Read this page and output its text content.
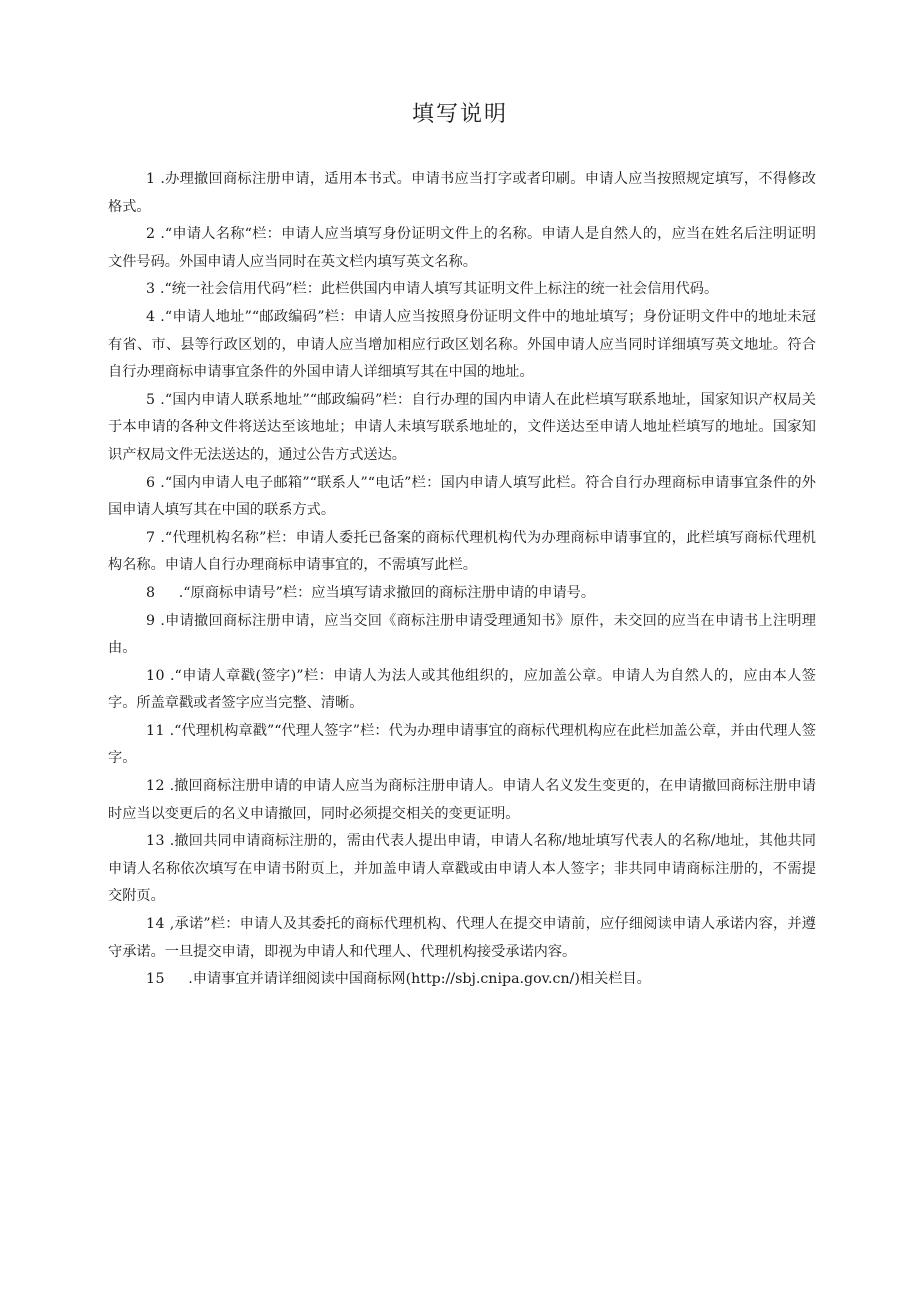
填写说明

1 .办理撤回商标注册申请，适用本书式。申请书应当打字或者印刷。申请人应当按照规定填写，不得修改格式。

2 .“申请人名称“栏：申请人应当填写身份证明文件上的名称。申请人是自然人的，应当在姓名后注明证明文件号码。外国申请人应当同时在英文栏内填写英文名称。

3 .“统一社会信用代码”栏：此栏供国内申请人填写其证明文件上标注的统一社会信用代码。

4 .“申请人地址”“邮政编码”栏：申请人应当按照身份证明文件中的地址填写；身份证明文件中的地址未冠有省、市、县等行政区划的，申请人应当增加相应行政区划名称。外国申请人应当同时详细填写英文地址。符合自行办理商标申请事宜条件的外国申请人详细填写其在中国的地址。

5 .“国内申请人联系地址”“邮政编码”栏：自行办理的国内申请人在此栏填写联系地址，国家知识产权局关于本申请的各种文件将送达至该地址；申请人未填写联系地址的，文件送达至申请人地址栏填写的地址。国家知识产权局文件无法送达的，通过公告方式送达。

6 .“国内申请人电子邮箱”“联系人”“电话”栏：国内申请人填写此栏。符合自行办理商标申请事宜条件的外国申请人填写其在中国的联系方式。

7 .“代理机构名称”栏：申请人委托已备案的商标代理机构代为办理商标申请事宜的，此栏填写商标代理机构名称。申请人自行办理商标申请事宜的，不需填写此栏。

8 　 .“原商标申请号”栏：应当填写请求撤回的商标注册申请的申请号。

9 .申请撤回商标注册申请，应当交回《商标注册申请受理通知书》原件，未交回的应当在申请书上注明理由。

10 .“申请人章戳(签字)”栏：申请人为法人或其他组织的，应加盖公章。申请人为自然人的，应由本人签字。所盖章戳或者签字应当完整、清晰。

11 .“代理机构章戳”“代理人签字”栏：代为办理申请事宜的商标代理机构应在此栏加盖公章，并由代理人签字。

12 .撤回商标注册申请的申请人应当为商标注册申请人。申请人名义发生变更的，在申请撤回商标注册申请时应当以变更后的名义申请撤回，同时必须提交相关的变更证明。

13 .撤回共同申请商标注册的，需由代表人提出申请，申请人名称/地址填写代表人的名称/地址，其他共同申请人名称依次填写在申请书附页上，并加盖申请人章戳或由申请人本人签字；非共同申请商标注册的，不需提交附页。

14 ,承诺”栏：申请人及其委托的商标代理机构、代理人在提交申请前，应仔细阅读申请人承诺内容，并遵守承诺。一旦提交申请，即视为申请人和代理人、代理机构接受承诺内容。

15 　 .申请事宜并请详细阅读中国商标网(http://sbj.cnipa.gov.cn/)相关栏目。
